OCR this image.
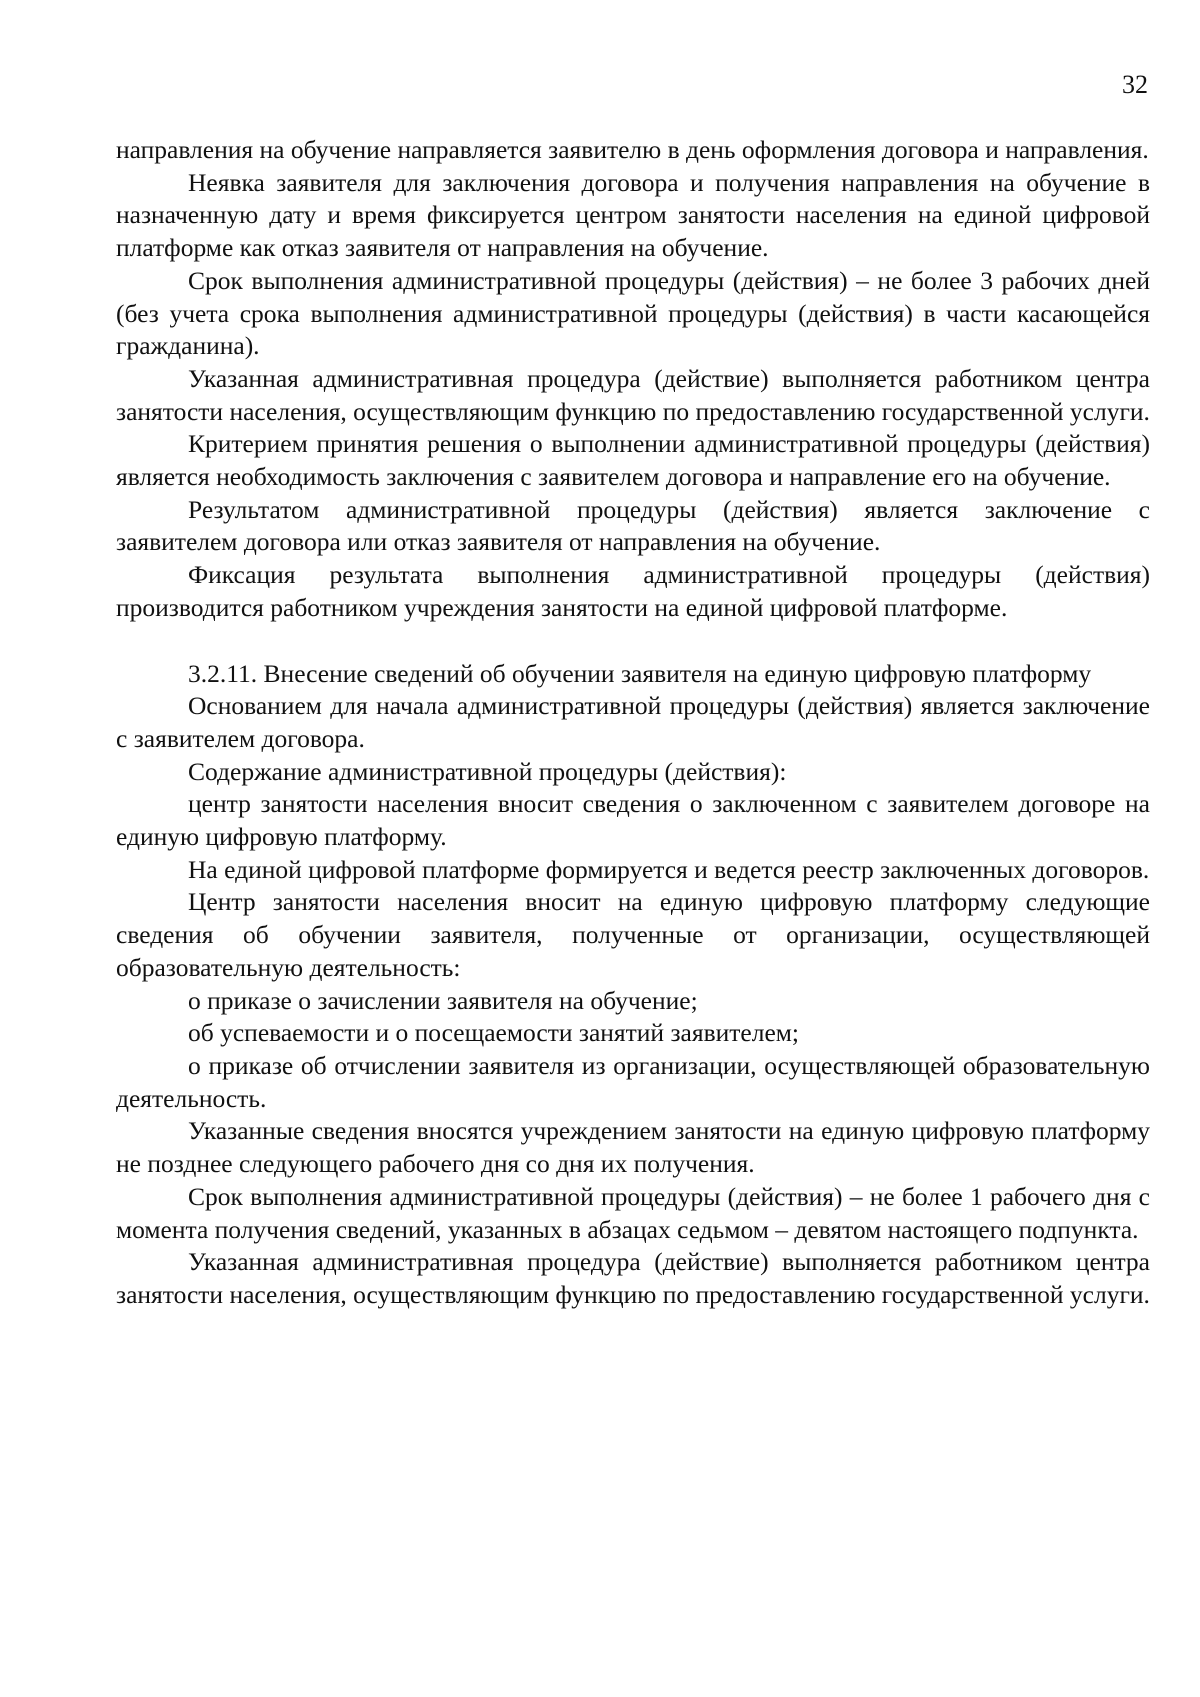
32

направления на обучение направляется заявителю в день оформления договора и направления.

Неявка заявителя для заключения договора и получения направления на обучение в назначенную дату и время фиксируется центром занятости населения на единой цифровой платформе как отказ заявителя от направления на обучение.

Срок выполнения административной процедуры (действия) – не более 3 рабочих дней (без учета срока выполнения административной процедуры (действия) в части касающейся гражданина).

Указанная административная процедура (действие) выполняется работником центра занятости населения, осуществляющим функцию по предоставлению государственной услуги.

Критерием принятия решения о выполнении административной процедуры (действия) является необходимость заключения с заявителем договора и направление его на обучение.

Результатом административной процедуры (действия) является заключение с заявителем договора или отказ заявителя от направления на обучение.

Фиксация результата выполнения административной процедуры (действия) производится работником учреждения занятости на единой цифровой платформе.

3.2.11. Внесение сведений об обучении заявителя на единую цифровую платформу

Основанием для начала административной процедуры (действия) является заключение с заявителем договора.

Содержание административной процедуры (действия):

центр занятости населения вносит сведения о заключенном с заявителем договоре на единую цифровую платформу.

На единой цифровой платформе формируется и ведется реестр заключенных договоров.

Центр занятости населения вносит на единую цифровую платформу следующие сведения об обучении заявителя, полученные от организации, осуществляющей образовательную деятельность:

о приказе о зачислении заявителя на обучение;

об успеваемости и о посещаемости занятий заявителем;

о приказе об отчислении заявителя из организации, осуществляющей образовательную деятельность.

Указанные сведения вносятся учреждением занятости на единую цифровую платформу не позднее следующего рабочего дня со дня их получения.

Срок выполнения административной процедуры (действия) – не более 1 рабочего дня с момента получения сведений, указанных в абзацах седьмом – девятом настоящего подпункта.

Указанная административная процедура (действие) выполняется работником центра занятости населения, осуществляющим функцию по предоставлению государственной услуги.
